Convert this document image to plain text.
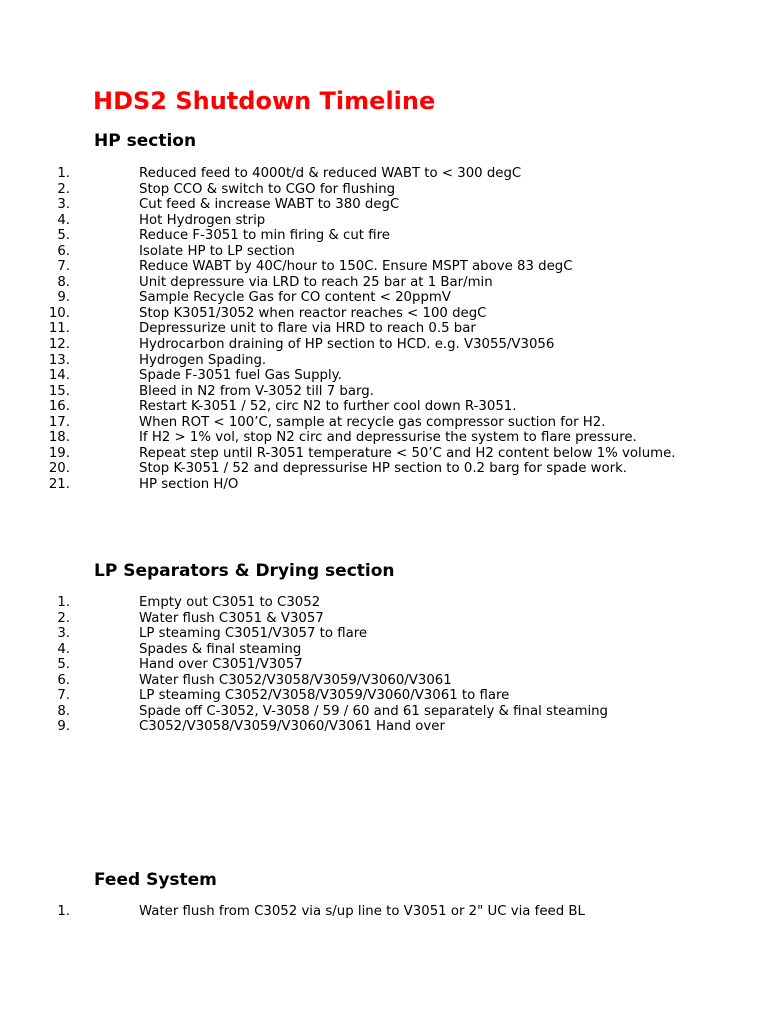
HDS2 Shutdown Timeline
HP section
1.	Reduced feed to 4000t/d & reduced WABT to < 300 degC
2.	Stop CCO & switch to CGO for flushing
3.	Cut feed & increase WABT to 380 degC
4.	Hot Hydrogen strip
5.	Reduce F-3051 to min firing & cut fire
6.	Isolate HP to LP section
7.	Reduce WABT by 40C/hour to 150C. Ensure MSPT above 83 degC
8.	Unit depressure via LRD to reach 25 bar at 1 Bar/min
9.	Sample Recycle Gas for CO content < 20ppmV
10.	Stop K3051/3052 when reactor reaches < 100 degC
11.	Depressurize unit to flare via HRD to reach 0.5 bar
12.	Hydrocarbon draining of HP section to HCD. e.g. V3055/V3056
13.	Hydrogen Spading.
14.	Spade F-3051 fuel Gas Supply.
15.	Bleed in N2 from V-3052 till 7 barg.
16.	Restart K-3051 / 52, circ N2 to further cool down R-3051.
17.	When ROT < 100’C, sample at recycle gas compressor suction for H2.
18.	If H2 > 1% vol, stop N2 circ and depressurise the system to flare pressure.
19.	Repeat step until R-3051 temperature < 50’C and H2 content below 1% volume.
20.	Stop K-3051 / 52 and depressurise HP section to 0.2 barg for spade work.
21.	HP section H/O
LP Separators & Drying section
1.	Empty out C3051 to C3052
2.	Water flush C3051 & V3057
3.	LP steaming C3051/V3057 to flare
4.	Spades & final steaming
5.	Hand over C3051/V3057
6.	Water flush C3052/V3058/V3059/V3060/V3061
7.	LP steaming C3052/V3058/V3059/V3060/V3061 to flare
8.	Spade off C-3052, V-3058 / 59 / 60 and 61 separately & final steaming
9.	C3052/V3058/V3059/V3060/V3061 Hand over
Feed System
1.	Water flush from C3052 via s/up line to V3051 or 2" UC via feed BL
